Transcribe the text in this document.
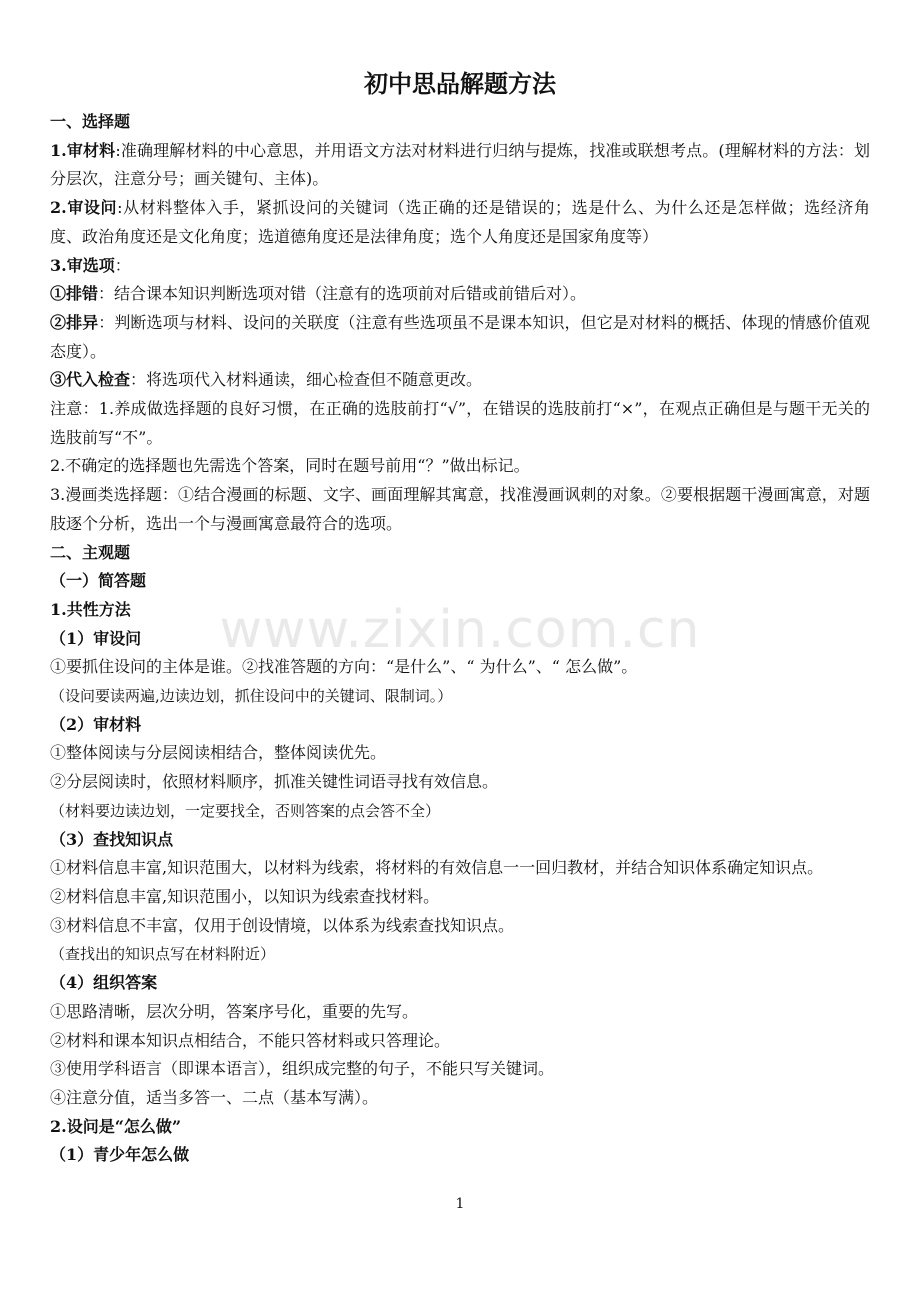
初中思品解题方法
www.zixin.com.cn
一、选择题
1.审材料:准确理解材料的中心意思，并用语文方法对材料进行归纳与提炼，找准或联想考点。(理解材料的方法：划分层次，注意分号；画关键句、主体)。
2.审设问:从材料整体入手，紧抓设问的关键词（选正确的还是错误的；选是什么、为什么还是怎样做；选经济角度、政治角度还是文化角度；选道德角度还是法律角度；选个人角度还是国家角度等）
3.审选项：
①排错：结合课本知识判断选项对错（注意有的选项前对后错或前错后对）。
②排异：判断选项与材料、设问的关联度（注意有些选项虽不是课本知识，但它是对材料的概括、体现的情感价值观态度）。
③代入检查：将选项代入材料通读，细心检查但不随意更改。
注意：1.养成做选择题的良好习惯，在正确的选肢前打“√”，在错误的选肢前打“×”，在观点正确但是与题干无关的选肢前写“不”。
2.不确定的选择题也先需选个答案，同时在题号前用“？”做出标记。
3.漫画类选择题：①结合漫画的标题、文字、画面理解其寓意，找准漫画讽刺的对象。②要根据题干漫画寓意，对题肢逐个分析，选出一个与漫画寓意最符合的选项。
二、主观题
（一）简答题
1.共性方法
（1）审设问
①要抓住设问的主体是谁。②找准答题的方向：“是什么”、“ 为什么”、“ 怎么做”。
（设问要读两遍,边读边划，抓住设问中的关键词、限制词。）
（2）审材料
①整体阅读与分层阅读相结合，整体阅读优先。
②分层阅读时，依照材料顺序，抓准关键性词语寻找有效信息。
（材料要边读边划，一定要找全，否则答案的点会答不全）
（3）查找知识点
①材料信息丰富,知识范围大，以材料为线索，将材料的有效信息一一回归教材，并结合知识体系确定知识点。
②材料信息丰富,知识范围小，以知识为线索查找材料。
③材料信息不丰富，仅用于创设情境，以体系为线索查找知识点。
（查找出的知识点写在材料附近）
（4）组织答案
①思路清晰，层次分明，答案序号化，重要的先写。
②材料和课本知识点相结合，不能只答材料或只答理论。
③使用学科语言（即课本语言），组织成完整的句子，不能只写关键词。
④注意分值，适当多答一、二点（基本写满）。
2.设问是“怎么做”
（1）青少年怎么做
1
